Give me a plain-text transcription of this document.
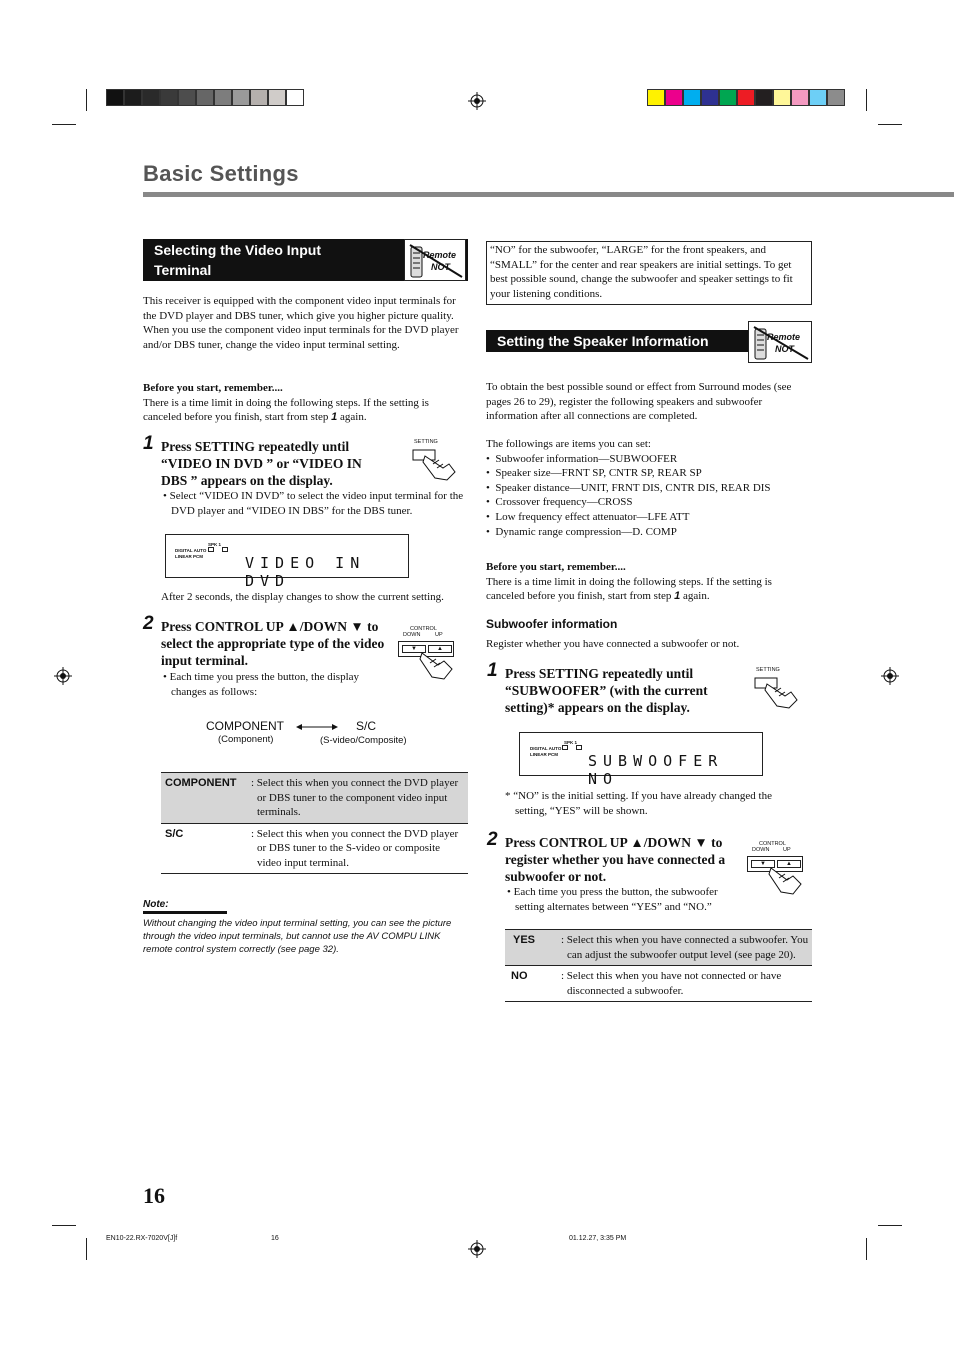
Basic Settings
Selecting the Video Input
Terminal
Remote
NOT
This receiver is equipped with the component video input terminals for the DVD player and DBS tuner, which give you higher picture quality. When you use the component video input terminals for the DVD player and/or DBS tuner, change the video input terminal setting.
Before you start, remember....
There is a time limit in doing the following steps. If the setting is canceled before you finish, start from step 1 again.
1 Press SETTING repeatedly until “VIDEO IN DVD ” or “VIDEO IN DBS ” appears on the display.
SETTING
• Select “VIDEO IN DVD” to select the video input terminal for the DVD player and “VIDEO IN DBS” for the DBS tuner.
SPK 1
DIGITAL AUTO
LINEAR PCM	VIDEO IN DVD
After 2 seconds, the display changes to show the current setting.
2 Press CONTROL UP ▲/DOWN ▼ to select the appropriate type of the video input terminal.
CONTROL
DOWN	UP
▼	▲
• Each time you press the button, the display changes as follows:
COMPONENT
(Component)
S/C
(S-video/Composite)
COMPONENT	: Select this when you connect the DVD player or DBS tuner to the component video input terminals.
S/C	: Select this when you connect the DVD player or DBS tuner to the S-video or composite video input terminal.
Note:
Without changing the video input terminal setting, you can see the picture through the video input terminals, but cannot use the AV COMPU LINK remote control system correctly (see page 32).
“NO” for the subwoofer, “LARGE” for the front speakers, and “SMALL” for the center and rear speakers are initial settings. To get best possible sound, change the subwoofer and speaker settings to fit your listening conditions.
Setting the Speaker Information	Remote
NOT
To obtain the best possible sound or effect from Surround modes (see pages 26 to 29), register the following speakers and subwoofer information after all connections are completed.
The followings are items you can set:
•  Subwoofer information—SUBWOOFER
•  Speaker size—FRNT SP, CNTR SP, REAR SP
•  Speaker distance—UNIT, FRNT DIS, CNTR DIS, REAR DIS
•  Crossover frequency—CROSS
•  Low frequency effect attenuator—LFE ATT
•  Dynamic range compression—D. COMP
Before you start, remember....
There is a time limit in doing the following steps. If the setting is canceled before you finish, start from step 1 again.
Subwoofer information
Register whether you have connected a subwoofer or not.
1 Press SETTING repeatedly until “SUBWOOFER” (with the current setting)* appears on the display.
SETTING
SPK 1
DIGITAL AUTO
LINEAR PCM SUBWOOFER NO
* “NO” is the initial setting. If you have already changed the setting, “YES” will be shown.
2 Press CONTROL UP ▲/DOWN ▼ to register whether you have connected a subwoofer or not.
CONTROL
DOWN UP
▼	▲
• Each time you press the button, the subwoofer setting alternates between “YES” and “NO.”
YES	: Select this when you have connected a subwoofer. You can adjust the subwoofer output level (see page 20).
NO	: Select this when you have not connected or have disconnected a subwoofer.
16
EN10-22.RX-7020V[J]f	16	01.12.27, 3:35 PM
